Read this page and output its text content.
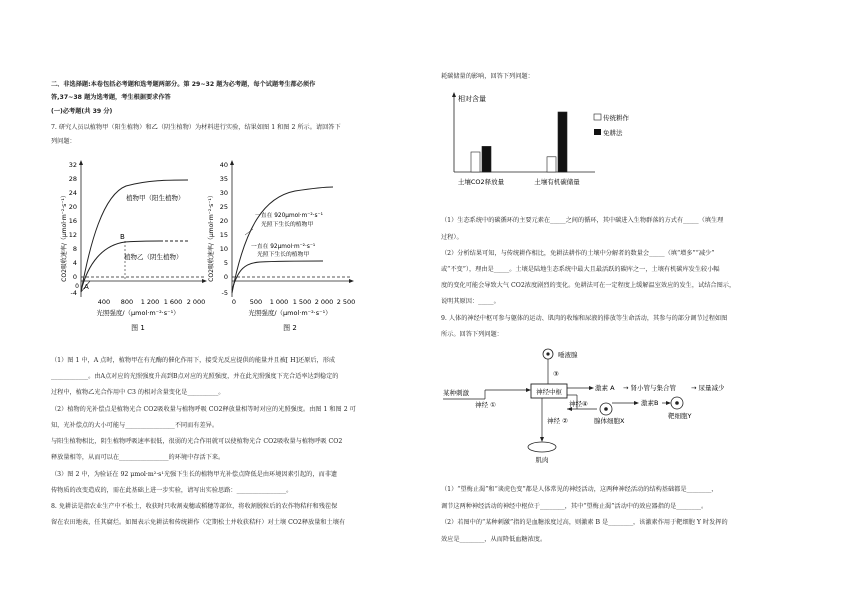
二、非选择题:本卷包括必考题和选考题两部分。第 29~32 题为必考题，每个试题考生都必须作
答,37~38 题为选考题，考生根据要求作答
(一)必考题(共 39 分)
7. 研究人员以植物甲（阳生植物）和乙（阴生植物）为材料进行实验，结果如图 1 和图 2 所示。请回答下
列问题：
CO2吸收速率/（μmol·m⁻²·s⁻¹）
32
28
24
20
16
12
8
4
0
-4
0
400 800 1 200 1 600 2 000
光照强度/（μmol·m⁻²·s⁻¹）
图 1
A
B
植物甲（阳生植物）
植物乙（阴生植物）	CO2吸收速率/（μmol·m⁻²·s⁻¹）
40
35
30
25
20
15
10
5
0
-5
0 500 1 000 1 500 2 000 2 500
光照强度/（μmol·m⁻²·s⁻¹）
图 2
一直在 920μmol·m⁻²·s⁻¹
光照下生长的植物甲
一直在 92μmol·m⁻²·s⁻¹
光照下生长的植物甲
（1）图 1 中，A 点时，植物甲在有光酶的催化作用下，接受光反应提供的能量并且被[ H]还原后，形成
____________。由A点对应的光照强度升高到B点对应的光照强度，并在此光照强度下充合适率达到稳定的
过程中，植物乙光合作用中 C3 的相对含量变化是__________。
（2）植物的光补偿点是植物光合 CO2吸收量与植物呼吸 CO2释放量相等时对应的光照强度。由图 1 和图 2 可
知，光补偿点的大小可能与________________不同而有差异。
与阳生植物相比，阴生植物呼吸速率很低，很弱的光合作用就可以使植物光合 CO2吸收量与植物呼吸 CO2
释放量相等，从而可以在________________的环境中存活下来。
（3）图 2 中，为验证在 92 μmol·m²·s¹光强下生长的植物甲光补偿点降低是由环境因素引起的，而非遗
传物质的改变造成的，需在此基础上进一步实验，请写出实验思路：________________。
8. 免耕法是指农业生产中不松土，收获时只收割麦穗或稻穗等部位，将收割脱粒后的农作物秸秆和残茬保
留在农田地表，任其腐烂。如图表示免耕法和传统耕作（定期松土并收获秸秆）对土壤 CO2释放量和土壤有
耗碳储量的影响，回答下列问题：
相对含量
传统耕作
免耕法
土壤CO2释放量	土壤有机碳储量
（1）生态系统中的碳循环的主要元素在_____之间的循环，其中碳进入生物群落的方式有_____（填生理
过程）。
（2）分析结果可知，与传统耕作相比，免耕法耕作的土壤中分解者的数量会_____（填“增多”“减少”
或“不变”），理由是_____。土壤是陆地生态系统中最大且最活跃的碳库之一，土壤有机碳库发生较小幅
度的变化可能会导致大气 CO2浓度剧烈的变化。免耕法可在一定程度上缓解温室效应的发生，试结合图示，
说明其原因：_____。
9. 人体的神经中枢可参与躯体的运动、肌肉的收缩和尿液的排放等生命活动，其参与的部分调节过程如图
所示。回答下列问题：
唾液腺
③
某种刺激
神经 ①
神经中枢	激素 A → 肾小管与集合管 → 尿量减少
神经④
腺体细胞X
激素B
靶细胞Y
神经 ②
肌肉
（1）“望梅止渴”和“谈虎色变”都是人体常见的神经活动，这两种神经活动的结构基础都是________，
调节这两种神经活动的神经中枢位于________，其中“望梅止渴”活动中的效应器指的是________。
（2）若图中的“某种刺激”指的是血糖浓度过高，则激素 B 是________，该激素作用于靶细胞 Y 时发挥的
效应是________，从而降低血糖浓度。
